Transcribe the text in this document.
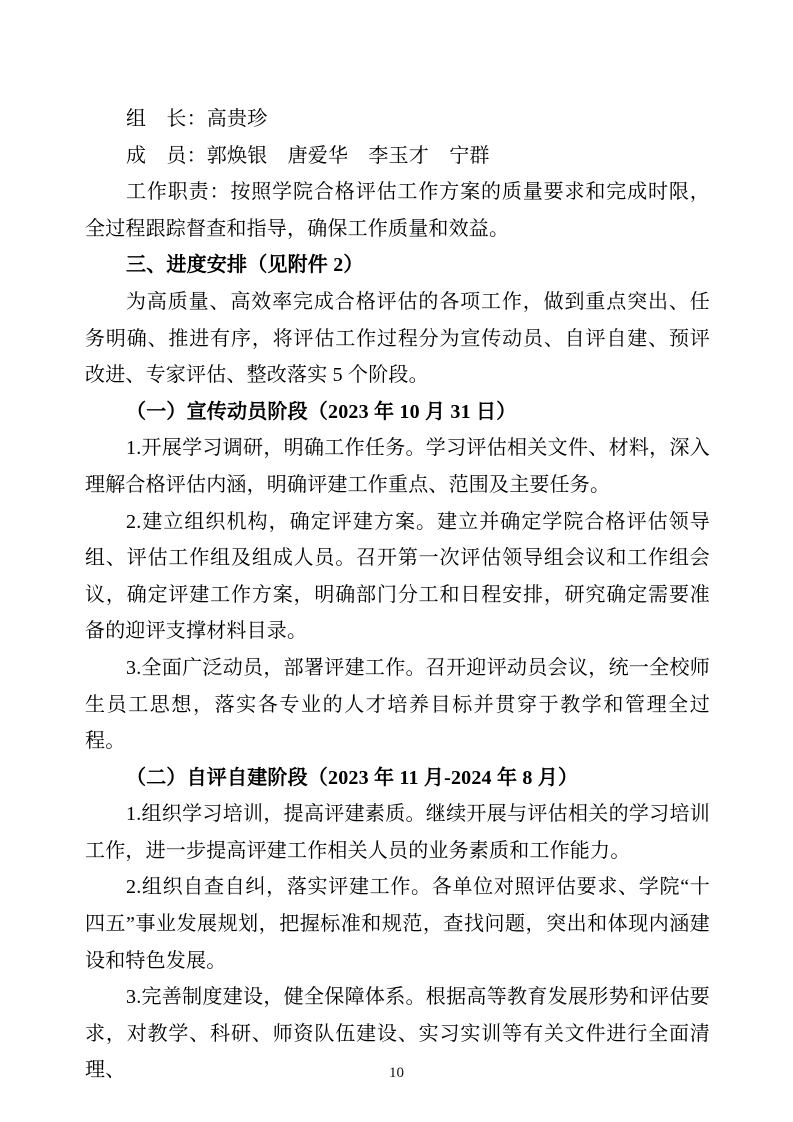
组　长：高贵珍

成　员：郭焕银　唐爱华　李玉才　宁群

工作职责：按照学院合格评估工作方案的质量要求和完成时限，全过程跟踪督查和指导，确保工作质量和效益。

三、进度安排（见附件 2）

为高质量、高效率完成合格评估的各项工作，做到重点突出、任务明确、推进有序，将评估工作过程分为宣传动员、自评自建、预评改进、专家评估、整改落实 5 个阶段。

（一）宣传动员阶段（2023 年 10 月 31 日）

1.开展学习调研，明确工作任务。学习评估相关文件、材料，深入理解合格评估内涵，明确评建工作重点、范围及主要任务。

2.建立组织机构，确定评建方案。建立并确定学院合格评估领导组、评估工作组及组成人员。召开第一次评估领导组会议和工作组会议，确定评建工作方案，明确部门分工和日程安排，研究确定需要准备的迎评支撑材料目录。

3.全面广泛动员，部署评建工作。召开迎评动员会议，统一全校师生员工思想，落实各专业的人才培养目标并贯穿于教学和管理全过程。

（二）自评自建阶段（2023 年 11 月-2024 年 8 月）

1.组织学习培训，提高评建素质。继续开展与评估相关的学习培训工作，进一步提高评建工作相关人员的业务素质和工作能力。

2.组织自查自纠，落实评建工作。各单位对照评估要求、学院“十四五”事业发展规划，把握标准和规范，查找问题，突出和体现内涵建设和特色发展。

3.完善制度建设，健全保障体系。根据高等教育发展形势和评估要求，对教学、科研、师资队伍建设、实习实训等有关文件进行全面清理、	10
